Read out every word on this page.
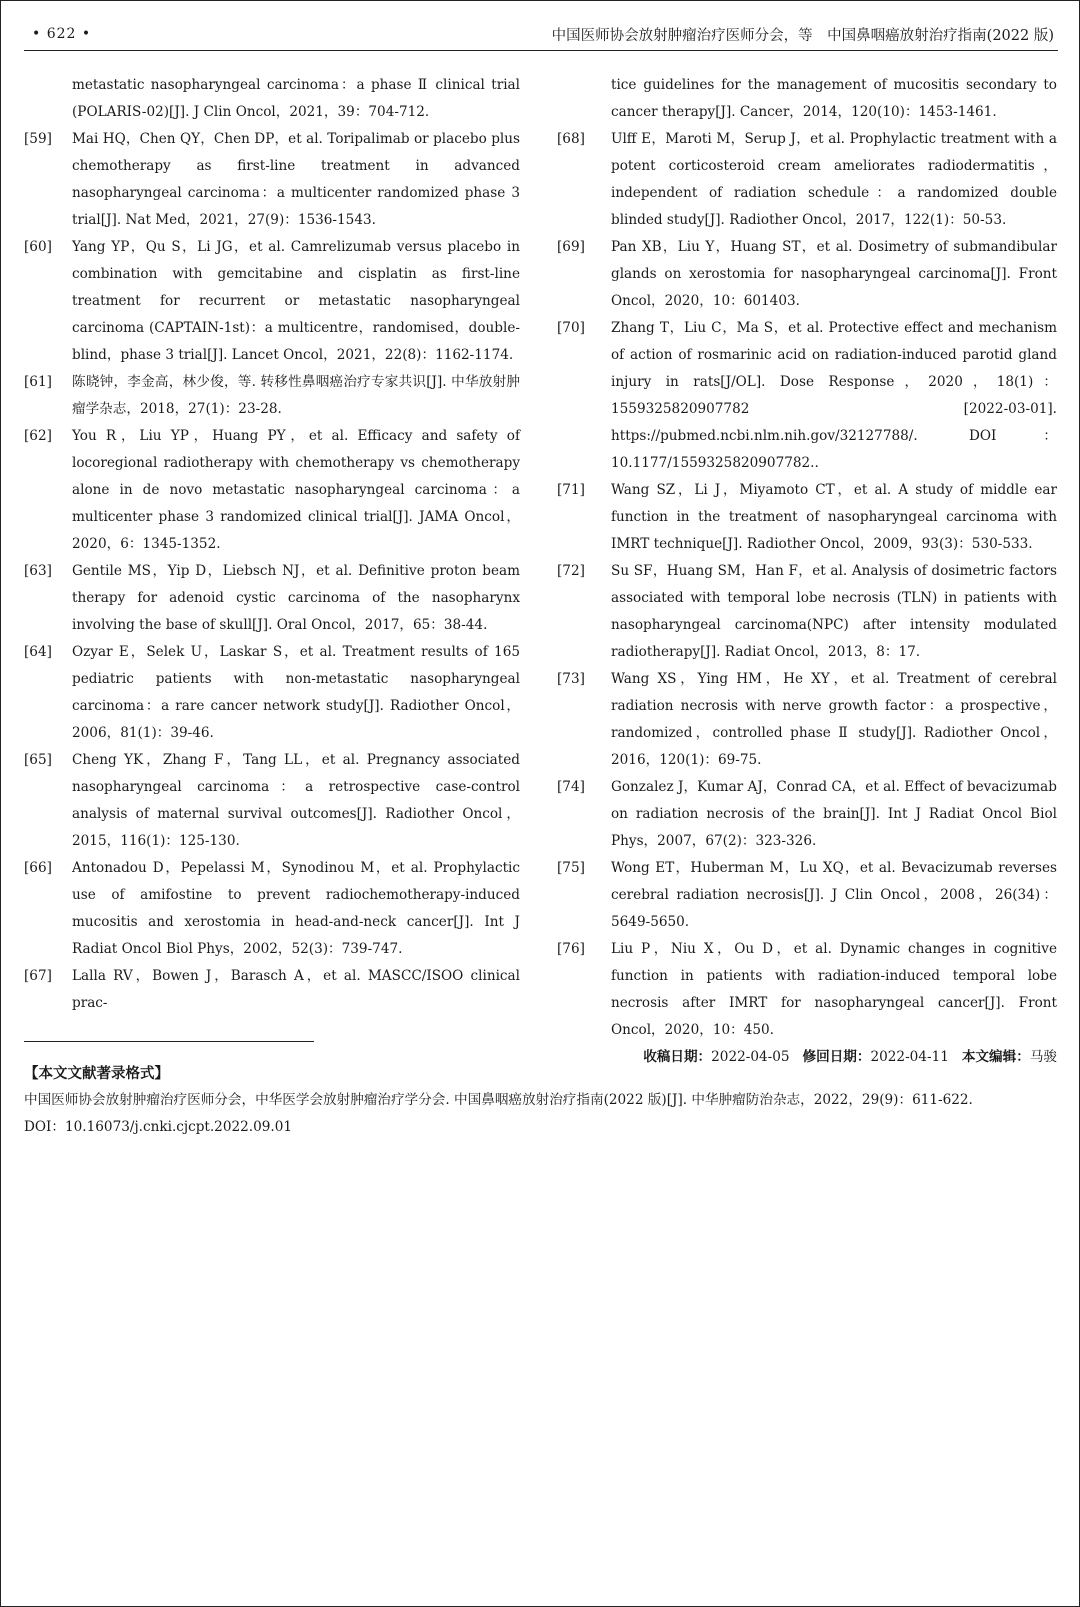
• 622 •	中国医师协会放射肿瘤治疗医师分会，等　中国鼻咽癌放射治疗指南(2022 版)

metastatic nasopharyngeal carcinoma：a phase Ⅱ clinical trial (POLARIS-02)[J]. J Clin Oncol，2021，39：704-712.

[59] Mai HQ，Chen QY，Chen DP，et al. Toripalimab or placebo plus chemotherapy as first-line treatment in advanced nasopharyngeal carcinoma：a multicenter randomized phase 3 trial[J]. Nat Med，2021，27(9)：1536-1543.

[60] Yang YP，Qu S，Li JG，et al. Camrelizumab versus placebo in combination with gemcitabine and cisplatin as first-line treatment for recurrent or metastatic nasopharyngeal carcinoma (CAPTAIN-1st)：a multicentre，randomised，double-blind，phase 3 trial[J]. Lancet Oncol，2021，22(8)：1162-1174.

[61] 陈晓钟，李金高，林少俊，等. 转移性鼻咽癌治疗专家共识[J]. 中华放射肿瘤学杂志，2018，27(1)：23-28.

[62] You R，Liu YP，Huang PY，et al. Efficacy and safety of locoregional radiotherapy with chemotherapy vs chemotherapy alone in de novo metastatic nasopharyngeal carcinoma：a multicenter phase 3 randomized clinical trial[J]. JAMA Oncol，2020，6：1345-1352.

[63] Gentile MS，Yip D，Liebsch NJ，et al. Definitive proton beam therapy for adenoid cystic carcinoma of the nasopharynx involving the base of skull[J]. Oral Oncol，2017，65：38-44.

[64] Ozyar E，Selek U，Laskar S，et al. Treatment results of 165 pediatric patients with non-metastatic nasopharyngeal carcinoma：a rare cancer network study[J]. Radiother Oncol，2006，81(1)：39-46.

[65] Cheng YK，Zhang F，Tang LL，et al. Pregnancy associated nasopharyngeal carcinoma：a retrospective case-control analysis of maternal survival outcomes[J]. Radiother Oncol，2015，116(1)：125-130.

[66] Antonadou D，Pepelassi M，Synodinou M，et al. Prophylactic use of amifostine to prevent radiochemotherapy-induced mucositis and xerostomia in head-and-neck cancer[J]. Int J Radiat Oncol Biol Phys，2002，52(3)：739-747.

[67] Lalla RV，Bowen J，Barasch A，et al. MASCC/ISOO clinical prac-

tice guidelines for the management of mucositis secondary to cancer therapy[J]. Cancer，2014，120(10)：1453-1461.

[68] Ulff E，Maroti M，Serup J，et al. Prophylactic treatment with a potent corticosteroid cream ameliorates radiodermatitis，independent of radiation schedule：a randomized double blinded study[J]. Radiother Oncol，2017，122(1)：50-53.

[69] Pan XB，Liu Y，Huang ST，et al. Dosimetry of submandibular glands on xerostomia for nasopharyngeal carcinoma[J]. Front Oncol，2020，10：601403.

[70] Zhang T，Liu C，Ma S，et al. Protective effect and mechanism of action of rosmarinic acid on radiation-induced parotid gland injury in rats[J/OL]. Dose Response，2020，18(1)：1559325820907782 [2022-03-01]. https://pubmed.ncbi.nlm.nih.gov/32127788/. DOI：10.1177/1559325820907782..

[71] Wang SZ，Li J，Miyamoto CT，et al. A study of middle ear function in the treatment of nasopharyngeal carcinoma with IMRT technique[J]. Radiother Oncol，2009，93(3)：530-533.

[72] Su SF，Huang SM，Han F，et al. Analysis of dosimetric factors associated with temporal lobe necrosis (TLN) in patients with nasopharyngeal carcinoma(NPC) after intensity modulated radiotherapy[J]. Radiat Oncol，2013，8：17.

[73] Wang XS，Ying HM，He XY，et al. Treatment of cerebral radiation necrosis with nerve growth factor：a prospective，randomized，controlled phase Ⅱ study[J]. Radiother Oncol，2016，120(1)：69-75.

[74] Gonzalez J，Kumar AJ，Conrad CA，et al. Effect of bevacizumab on radiation necrosis of the brain[J]. Int J Radiat Oncol Biol Phys，2007，67(2)：323-326.

[75] Wong ET，Huberman M，Lu XQ，et al. Bevacizumab reverses cerebral radiation necrosis[J]. J Clin Oncol，2008，26(34)：5649-5650.

[76] Liu P，Niu X，Ou D，et al. Dynamic changes in cognitive function in patients with radiation-induced temporal lobe necrosis after IMRT for nasopharyngeal cancer[J]. Front Oncol，2020，10：450.

收稿日期：2022-04-05 修回日期：2022-04-11 本文编辑：马骏
【本文文献著录格式】
中国医师协会放射肿瘤治疗医师分会，中华医学会放射肿瘤治疗学分会. 中国鼻咽癌放射治疗指南(2022 版)[J]. 中华肿瘤防治杂志，2022，29(9)：611-622.
DOI：10.16073/j.cnki.cjcpt.2022.09.01
